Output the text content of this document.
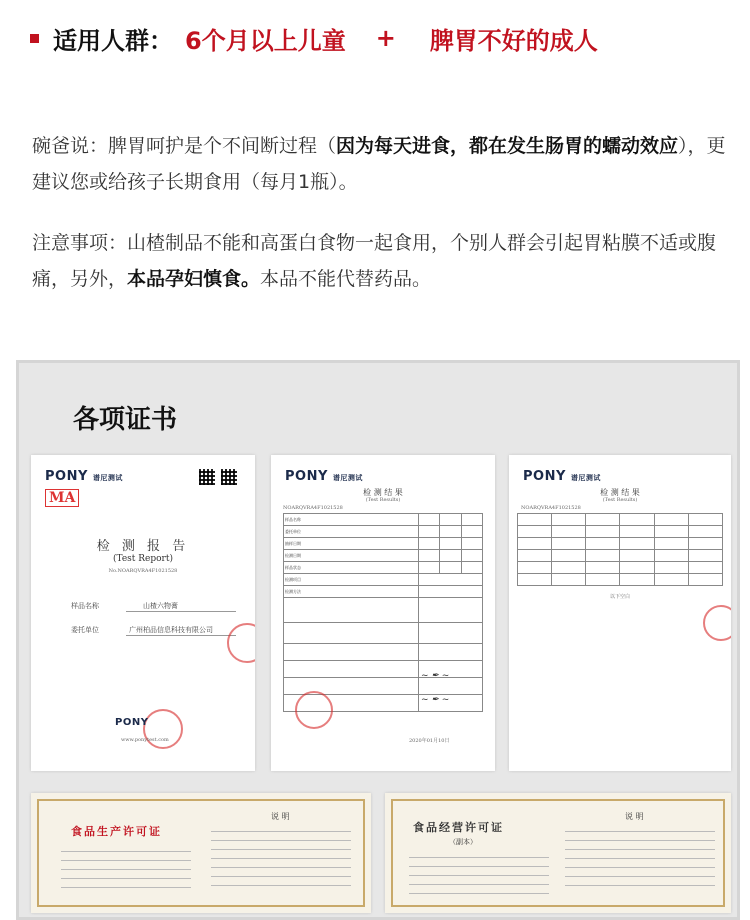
适用人群： 6个月以上儿童 + 脾胃不好的成人
碗爸说：脾胃呵护是个不间断过程（因为每天进食，都在发生肠胃的蠕动效应），更建议您或给孩子长期食用（每月1瓶）。
注意事项：山楂制品不能和高蛋白食物一起食用，个别人群会引起胃粘膜不适或腹痛，另外，本品孕妇慎食。本品不能代替药品。
各项证书
PONY 谱尼测试
MA
检 测 报 告
(Test Report)
No.NOARQVRA4F1021528
样品名称	山楂六物膏
委托单位	广州柏品信息科技有限公司
PONY
www.ponytest.com
PONY 谱尼测试
检 测 结 果
(Test Results)
NOARQVRA4F1021528
样品名称			
委托单位			
抽样日期			
检测日期			
样品状态			
检测项目			
检测方法			

~ ✒ ~
~ ✒ ~
2020年01月10日
PONY 谱尼测试
检 测 结 果
(Test Results)
NOARQVRA4F1021528

以下空白
食品生产许可证
说 明
食品经营许可证
（副本）
说 明
